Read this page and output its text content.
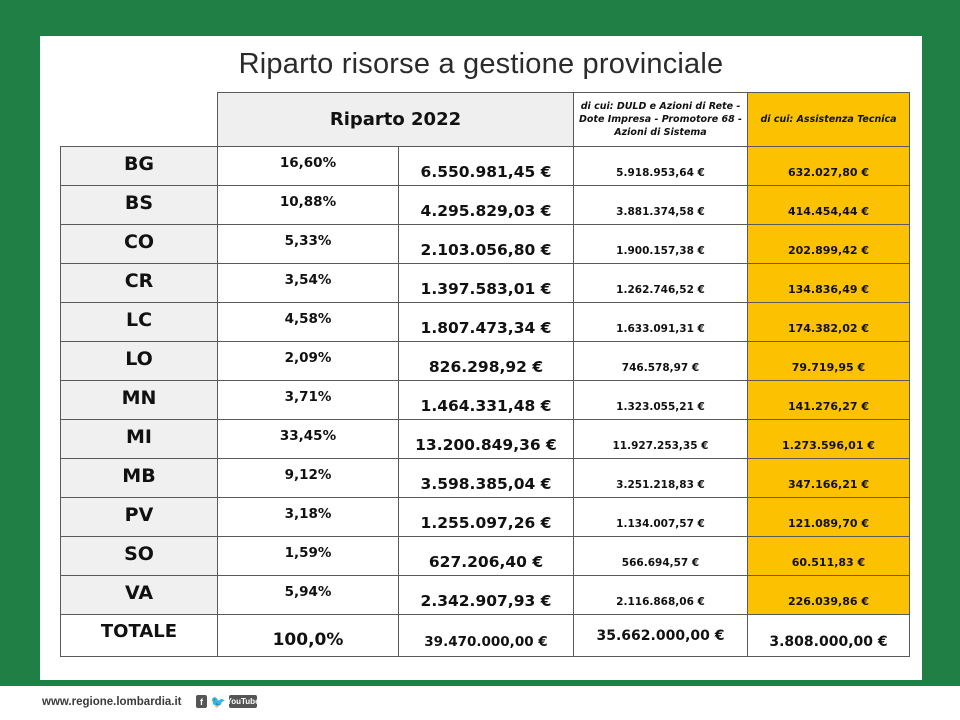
Riparto risorse a gestione provinciale
	Riparto 2022		di cui: DULD e Azioni di Rete - Dote Impresa - Promotore 68 - Azioni di Sistema	di cui: Assistenza Tecnica
BG	16,60%	6.550.981,45 €	5.918.953,64 €	632.027,80 €
BS	10,88%	4.295.829,03 €	3.881.374,58 €	414.454,44 €
CO	5,33%	2.103.056,80 €	1.900.157,38 €	202.899,42 €
CR	3,54%	1.397.583,01 €	1.262.746,52 €	134.836,49 €
LC	4,58%	1.807.473,34 €	1.633.091,31 €	174.382,02 €
LO	2,09%	826.298,92 €	746.578,97 €	79.719,95 €
MN	3,71%	1.464.331,48 €	1.323.055,21 €	141.276,27 €
MI	33,45%	13.200.849,36 €	11.927.253,35 €	1.273.596,01 €
MB	9,12%	3.598.385,04 €	3.251.218,83 €	347.166,21 €
PV	3,18%	1.255.097,26 €	1.134.007,57 €	121.089,70 €
SO	1,59%	627.206,40 €	566.694,57 €	60.511,83 €
VA	5,94%	2.342.907,93 €	2.116.868,06 €	226.039,86 €
TOTALE	100,0%	39.470.000,00 €	35.662.000,00 €	3.808.000,00 €
www.regione.lombardia.it	f 🐦 YouTube
